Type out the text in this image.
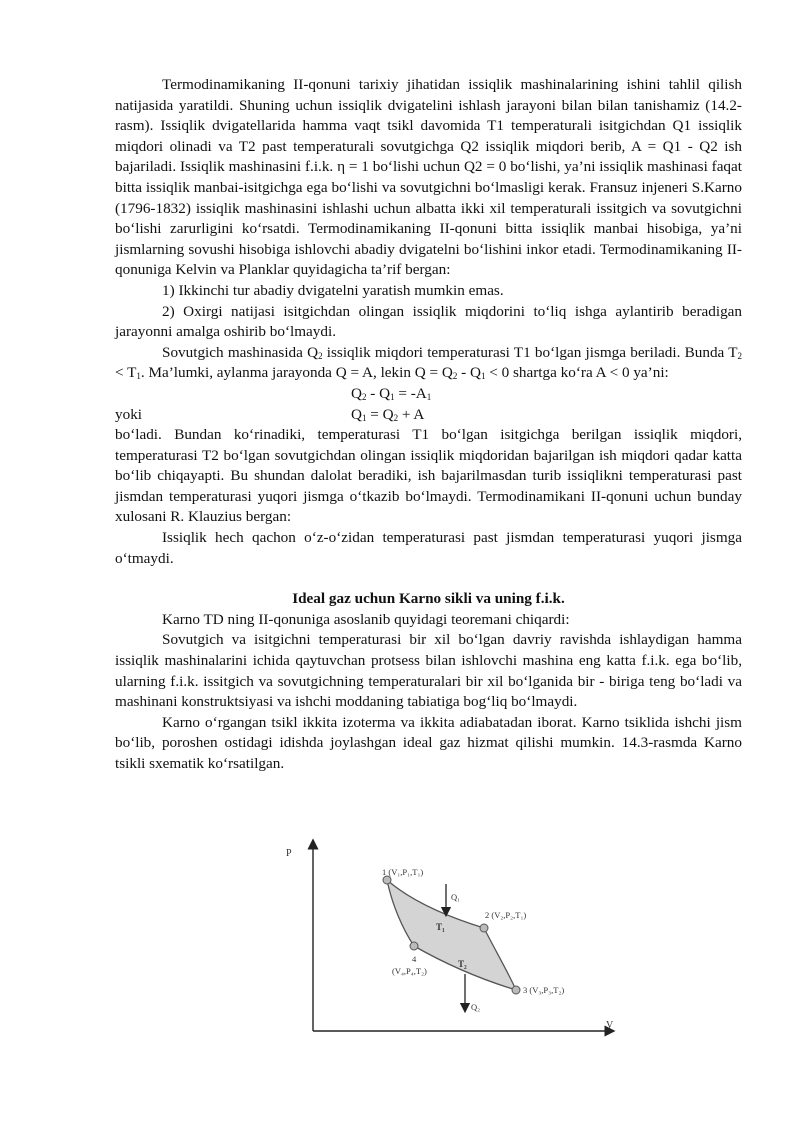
Termodinamikaning II-qonuni tarixiy jihatidan issiqlik mashinalarining ishini tahlil qilish natijasida yaratildi. Shuning uchun issiqlik dvigatelini ishlash jarayoni bilan bilan tanishamiz (14.2-rasm). Issiqlik dvigatellarida hamma vaqt tsikl davomida T1 temperaturali isitgichdan Q1 issiqlik miqdori olinadi va T2 past temperaturali sovutgichga Q2 issiqlik miqdori berib, A = Q1 - Q2 ish bajariladi. Issiqlik mashinasini f.i.k. η = 1 bo‘lishi uchun Q2 = 0 bo‘lishi, ya’ni issiqlik mashinasi faqat bitta issiqlik manbai-isitgichga ega bo‘lishi va sovutgichni bo‘lmasligi kerak. Fransuz injeneri S.Karno (1796-1832) issiqlik mashinasini ishlashi uchun albatta ikki xil temperaturali issitgich va sovutgichni bo‘lishi zarurligini ko‘rsatdi. Termodinamikaning II-qonuni bitta issiqlik manbai hisobiga, ya’ni jismlarning sovushi hisobiga ishlovchi abadiy dvigatelni bo‘lishini inkor etadi. Termodinamikaning II-qonuniga Kelvin va Planklar quyidagicha ta’rif bergan:

1) Ikkinchi tur abadiy dvigatelni yaratish mumkin emas.

2) Oxirgi natijasi isitgichdan olingan issiqlik miqdorini to‘liq ishga aylantirib beradigan jarayonni amalga oshirib bo‘lmaydi.

Sovutgich mashinasida $Q_2$ issiqlik miqdori temperaturasi T1 bo‘lgan jismga beriladi. Bunda $T_2 < T_1$. Ma’lumki, aylanma jarayonda Q = A, lekin $Q = Q_2 - Q_1 < 0$ shartga ko‘ra A < 0 ya’ni:

$Q_2 - Q_1 = -A_1$
yoki	$Q_1 = Q_2 + A$

bo‘ladi. Bundan ko‘rinadiki, temperaturasi T1 bo‘lgan isitgichga berilgan issiqlik miqdori, temperaturasi T2 bo‘lgan sovutgichdan olingan issiqlik miqdoridan bajarilgan ish miqdori qadar katta bo‘lib chiqayapti. Bu shundan dalolat beradiki, ish bajarilmasdan turib issiqlikni temperaturasi past jismdan temperaturasi yuqori jismga o‘tkazib bo‘lmaydi. Termodinamikani II-qonuni uchun bunday xulosani R. Klauzius bergan:

Issiqlik hech qachon o‘z-o‘zidan temperaturasi past jismdan temperaturasi yuqori jismga o‘tmaydi.

Ideal gaz uchun Karno sikli va uning f.i.k.

Karno TD ning II-qonuniga asoslanib quyidagi teoremani chiqardi:

Sovutgich va isitgichni temperaturasi bir xil bo‘lgan davriy ravishda ishlaydigan hamma issiqlik mashinalarini ichida qaytuvchan protsess bilan ishlovchi mashina eng katta f.i.k. ega bo‘lib, ularning f.i.k. issitgich va sovutgichning temperaturalari bir xil bo‘lganida bir - biriga teng bo‘ladi va mashinani konstruktsiyasi va ishchi moddaning tabiatiga bog‘liq bo‘lmaydi.

Karno o‘rgangan tsikl ikkita izoterma va ikkita adiabatadan iborat. Karno tsiklida ishchi jism bo‘lib, poroshen ostidagi idishda joylashgan ideal gaz hizmat qilishi mumkin. 14.3-rasmda Karno tsikli sxematik ko‘rsatilgan.

P
V
1 (V₁,P₁,T₁)
2 (V₂,P₂,T₁)
3 (V₃,P₃,T₂)
4
(V₄,P₄,T₂)
Q₁
Q₂
T₁
T₂
